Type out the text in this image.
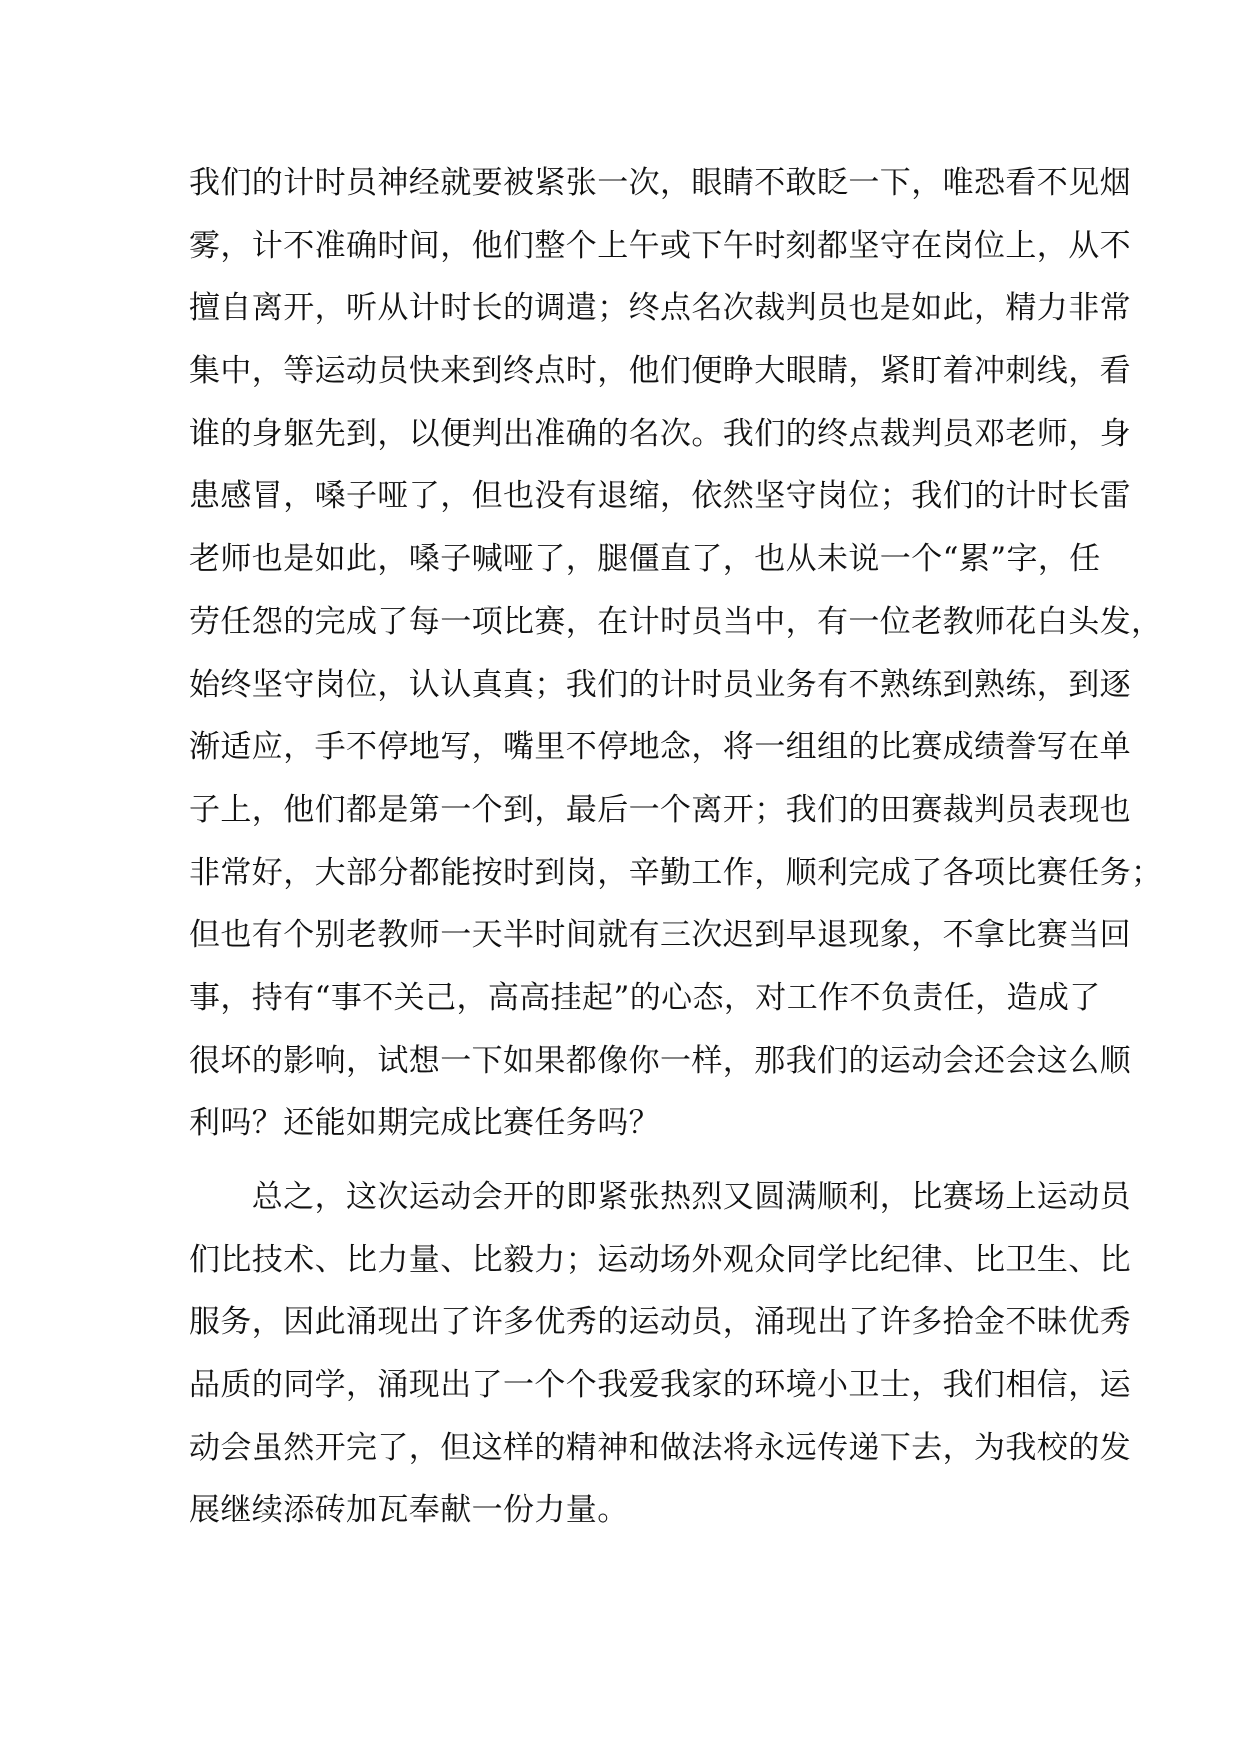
我们的计时员神经就要被紧张一次，眼睛不敢眨一下，唯恐看不见烟
雾，计不准确时间，他们整个上午或下午时刻都坚守在岗位上，从不
擅自离开，听从计时长的调遣；终点名次裁判员也是如此，精力非常
集中，等运动员快来到终点时，他们便睁大眼睛，紧盯着冲刺线，看
谁的身躯先到，以便判出准确的名次。我们的终点裁判员邓老师，身
患感冒，嗓子哑了，但也没有退缩，依然坚守岗位；我们的计时长雷
老师也是如此，嗓子喊哑了，腿僵直了，也从未说一个“累”字，任
劳任怨的完成了每一项比赛，在计时员当中，有一位老教师花白头发，
始终坚守岗位，认认真真；我们的计时员业务有不熟练到熟练，到逐
渐适应，手不停地写，嘴里不停地念，将一组组的比赛成绩誊写在单
子上，他们都是第一个到，最后一个离开；我们的田赛裁判员表现也
非常好，大部分都能按时到岗，辛勤工作，顺利完成了各项比赛任务；
但也有个别老教师一天半时间就有三次迟到早退现象，不拿比赛当回
事，持有“事不关己，高高挂起”的心态，对工作不负责任，造成了
很坏的影响，试想一下如果都像你一样，那我们的运动会还会这么顺
利吗？还能如期完成比赛任务吗？
　　总之，这次运动会开的即紧张热烈又圆满顺利，比赛场上运动员
们比技术、比力量、比毅力；运动场外观众同学比纪律、比卫生、比
服务，因此涌现出了许多优秀的运动员，涌现出了许多拾金不昧优秀
品质的同学，涌现出了一个个我爱我家的环境小卫士，我们相信，运
动会虽然开完了，但这样的精神和做法将永远传递下去，为我校的发
展继续添砖加瓦奉献一份力量。
